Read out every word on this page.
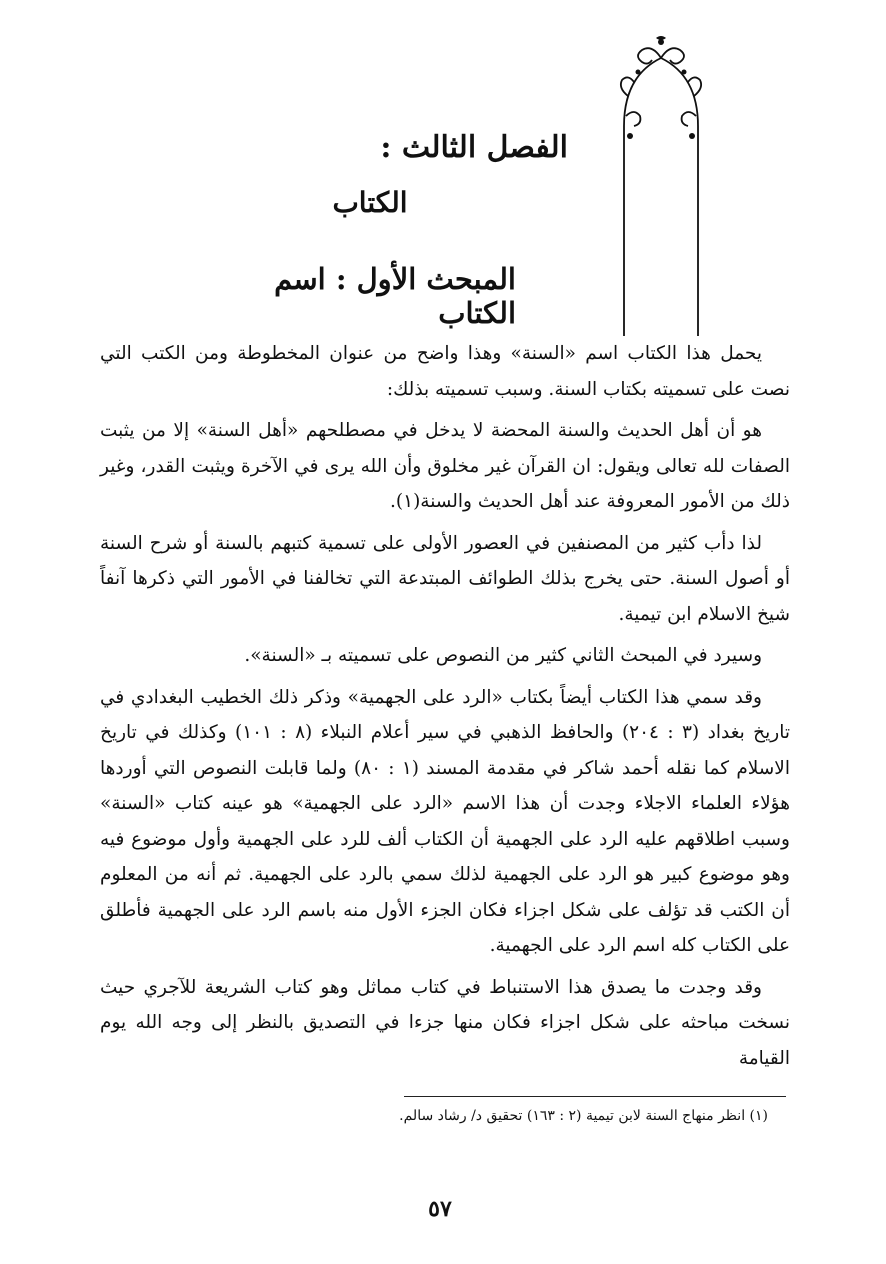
الفصل الثالث :
الكتاب
المبحث الأول : اسم الكتاب

يحمل هذا الكتاب اسم «السنة» وهذا واضح من عنوان المخطوطة ومن الكتب التي نصت على تسميته بكتاب السنة. وسبب تسميته بذلك:

هو أن أهل الحديث والسنة المحضة لا يدخل في مصطلحهم «أهل السنة» إلا من يثبت الصفات لله تعالى ويقول: ان القرآن غير مخلوق وأن الله يرى في الآخرة ويثبت القدر، وغير ذلك من الأمور المعروفة عند أهل الحديث والسنة(١).

لذا دأب كثير من المصنفين في العصور الأولى على تسمية كتبهم بالسنة أو شرح السنة أو أصول السنة. حتى يخرج بذلك الطوائف المبتدعة التي تخالفنا في الأمور التي ذكرها آنفاً شيخ الاسلام ابن تيمية.

وسيرد في المبحث الثاني كثير من النصوص على تسميته بـ «السنة».

وقد سمي هذا الكتاب أيضاً بكتاب «الرد على الجهمية» وذكر ذلك الخطيب البغدادي في تاريخ بغداد (٣ : ٢٠٤) والحافظ الذهبي في سير أعلام النبلاء (٨ : ١٠١) وكذلك في تاريخ الاسلام كما نقله أحمد شاكر في مقدمة المسند (١ : ٨٠) ولما قابلت النصوص التي أوردها هؤلاء العلماء الاجلاء وجدت أن هذا الاسم «الرد على الجهمية» هو عينه كتاب «السنة» وسبب اطلاقهم عليه الرد على الجهمية أن الكتاب ألف للرد على الجهمية وأول موضوع فيه وهو موضوع كبير هو الرد على الجهمية لذلك سمي بالرد على الجهمية. ثم أنه من المعلوم أن الكتب قد تؤلف على شكل اجزاء فكان الجزء الأول منه باسم الرد على الجهمية فأطلق على الكتاب كله اسم الرد على الجهمية.

وقد وجدت ما يصدق هذا الاستنباط في كتاب مماثل وهو كتاب الشريعة للآجري حيث نسخت مباحثه على شكل اجزاء فكان منها جزءا في التصديق بالنظر إلى وجه الله يوم القيامة

(١) انظر منهاج السنة لابن تيمية (٢ : ١٦٣) تحقيق د/ رشاد سالم.

٥٧
